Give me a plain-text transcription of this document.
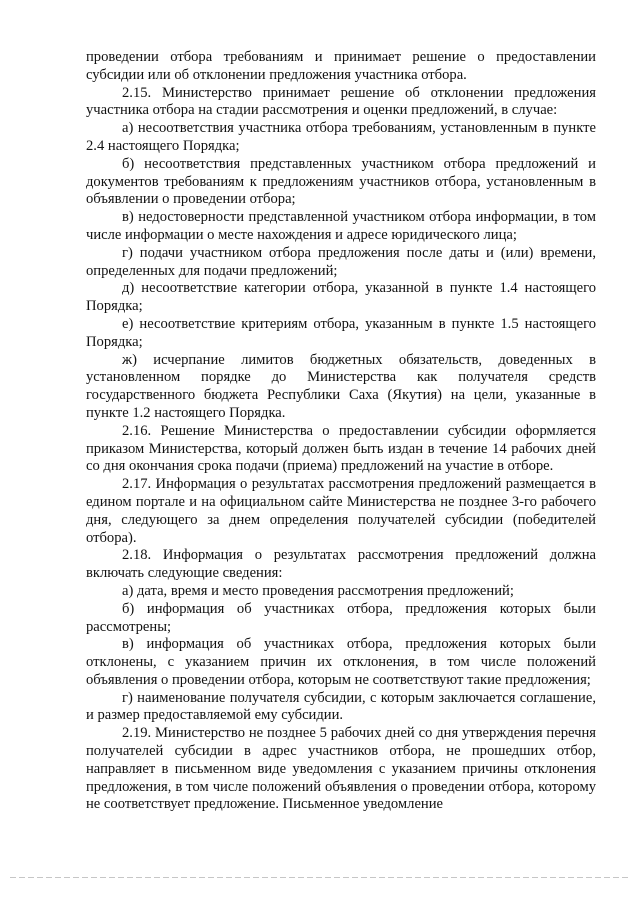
проведении отбора требованиям и принимает решение о предоставлении субсидии или об отклонении предложения участника отбора.

2.15. Министерство принимает решение об отклонении предложения участника отбора на стадии рассмотрения и оценки предложений, в случае:

а) несоответствия участника отбора требованиям, установленным в пункте 2.4 настоящего Порядка;

б) несоответствия представленных участником отбора предложений и документов требованиям к предложениям участников отбора, установленным в объявлении о проведении отбора;

в) недостоверности представленной участником отбора информации, в том числе информации о месте нахождения и адресе юридического лица;

г) подачи участником отбора предложения после даты и (или) времени, определенных для подачи предложений;

д) несоответствие категории отбора, указанной в пункте 1.4 настоящего Порядка;

е) несоответствие критериям отбора, указанным в пункте 1.5 настоящего Порядка;

ж) исчерпание лимитов бюджетных обязательств, доведенных в установленном порядке до Министерства как получателя средств государственного бюджета Республики Саха (Якутия) на цели, указанные в пункте 1.2 настоящего Порядка.

2.16. Решение Министерства о предоставлении субсидии оформляется приказом Министерства, который должен быть издан в течение 14 рабочих дней со дня окончания срока подачи (приема) предложений на участие в отборе.

2.17. Информация о результатах рассмотрения предложений размещается в едином портале и на официальном сайте Министерства не позднее 3-го рабочего дня, следующего за днем определения получателей субсидии (победителей отбора).

2.18. Информация о результатах рассмотрения предложений должна включать следующие сведения:

а) дата, время и место проведения рассмотрения предложений;

б) информация об участниках отбора, предложения которых были рассмотрены;

в) информация об участниках отбора, предложения которых были отклонены, с указанием причин их отклонения, в том числе положений объявления о проведении отбора, которым не соответствуют такие предложения;

г) наименование получателя субсидии, с которым заключается соглашение, и размер предоставляемой ему субсидии.

2.19. Министерство не позднее 5 рабочих дней со дня утверждения перечня получателей субсидии в адрес участников отбора, не прошедших отбор, направляет в письменном виде уведомления с указанием причины отклонения предложения, в том числе положений объявления о проведении отбора, которому не соответствует предложение. Письменное уведомление
